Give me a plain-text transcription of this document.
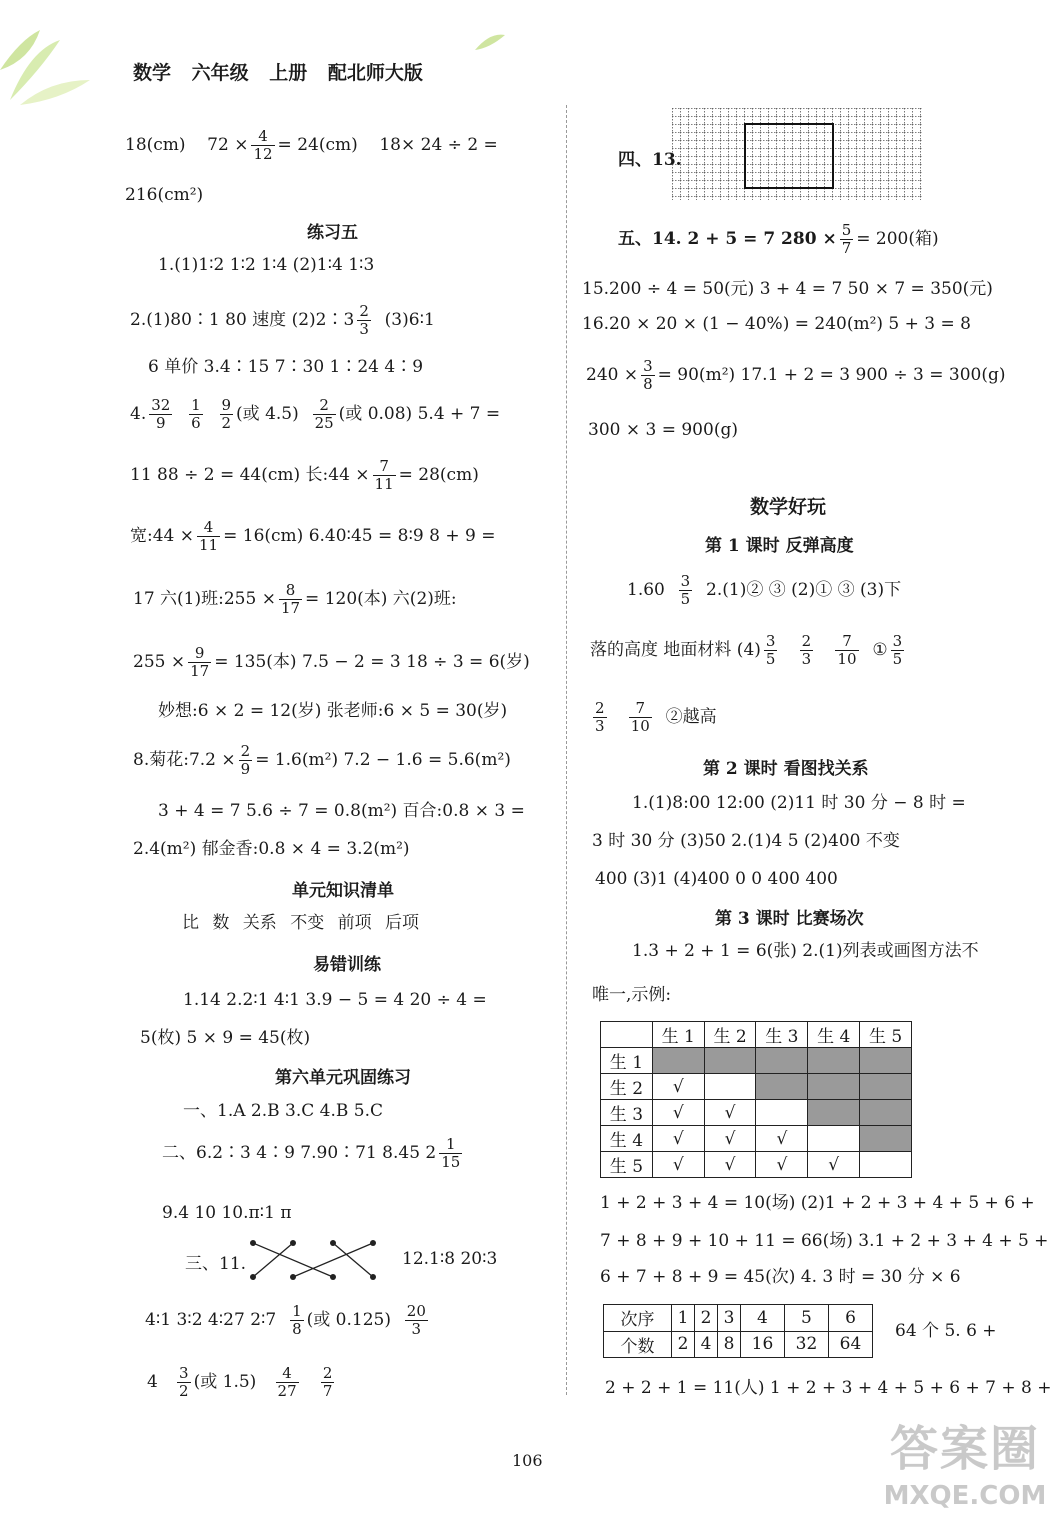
数学 六年级 上册 配北师大版
18(cm) $72 \times \frac{4}{12} = 24(cm)$ 18× 24 ÷ 2 =
216(cm²)
练习五
1.(1)1∶2 1∶2 1∶4 (2)1∶4 1∶3
2.(1)80∶1 80 速度 (2)2∶3 $\frac{2}{3}$ (3)6∶1
6 单价 3.4∶15 7∶30 1∶24 4∶9
4. $\frac{32}{9}$
$\frac{1}{6}$
$\frac{9}{2}$ (或 $4.5) \frac{2}{25}$ (或 0.08) 5.4 + 7 =
11 88 ÷ 2 = 44(cm) 长:44 × $\frac{7}{11} = 28(cm)$
宽:44 × $\frac{4}{11} = 16(cm)$ 6.40∶45 = 8∶9 8 + 9 =
17 六(1)班:255 × $\frac{8}{17} = 120$(本) 六(2)班:
$255 \times \frac{9}{17} = 135$(本) 7.5 − 2 = 3 18 ÷ 3 = 6(岁)
妙想:6 × 2 = 12(岁) 张老师:6 × 5 = 30(岁)
8.菊花:7.2 × $\frac{2}{9} = 1.6(m^2) 7.2 - 1.6 = 5.6(m^2)$
3 + 4 = 7 5.6 ÷ 7 = 0.8(m²) 百合:0.8 × 3 =
2.4(m²) 郁金香:0.8 × 4 = 3.2(m²)
单元知识清单
比 数 关系 不变 前项 后项
易错训练
1.14 2.2∶1 4∶1 3.9 − 5 = 4 20 ÷ 4 =
5(枚) 5 × 9 = 45(枚)
第六单元巩固练习
一、1.A 2.B 3.C 4.B 5.C
二、6.2∶3 4∶9 7.90∶71 8.45 $2 \frac{1}{15}$
9.4 10 10.π∶1 π
三、11.	12.1∶8 20∶3
4∶1 3∶2 4∶27 2∶7 $\frac{1}{8}$ (或 $0.125) \frac{20}{3}$
$4 \frac{3}{2}$ (或 $1.5) \frac{4}{27}$
$\frac{2}{7}$
四、13.
五、14. 2 + 5 = 7 $280 \times \frac{5}{7} = 200$(箱)
15.200 ÷ 4 = 50(元) 3 + 4 = 7 50 × 7 = 350(元)
16.20 × 20 × (1 − 40%) = 240(m²) 5 + 3 = 8
$240 \times \frac{3}{8} = 90(m^2) 17.1 + 2 = 3$ 900 ÷ 3 = 300(g)
300 × 3 = 900(g)
数学好玩
第 1 课时 反弹高度
$1.60 \frac{3}{5}$ 2.(1)② ③ (2)① ③ (3)下
落的高度 地面材料 $(4) \frac{3}{5}$
$\frac{2}{3}$
$\frac{7}{10}$ ① $\frac{3}{5}$
$\frac{2}{3}$
$\frac{7}{10}$ ②越高
第 2 课时 看图找关系
1.(1)8:00 12:00 (2)11 时 30 分 − 8 时 =
3 时 30 分 (3)50 2.(1)4 5 (2)400 不变
400 (3)1 (4)400 0 0 400 400
第 3 课时 比赛场次
1.3 + 2 + 1 = 6(张) 2.(1)列表或画图方法不
唯一,示例:
	生 1	生 2	生 3	生 4	生 5
生 1					
生 2	√				
生 3	√	√			
生 4	√	√	√		
生 5	√	√	√	√	
1 + 2 + 3 + 4 = 10(场) (2)1 + 2 + 3 + 4 + 5 + 6 +
7 + 8 + 9 + 10 + 11 = 66(场) 3.1 + 2 + 3 + 4 + 5 +
6 + 7 + 8 + 9 = 45(次) 4. 3 时 = 30 分 × 6
次序	1	2	3	4	5	6
个数	2	4	8	16	32	64
64 个 5. 6 +
2 + 2 + 1 = 11(人) 1 + 2 + 3 + 4 + 5 + 6 + 7 + 8 +
106	答案圈
MXQE.COM
